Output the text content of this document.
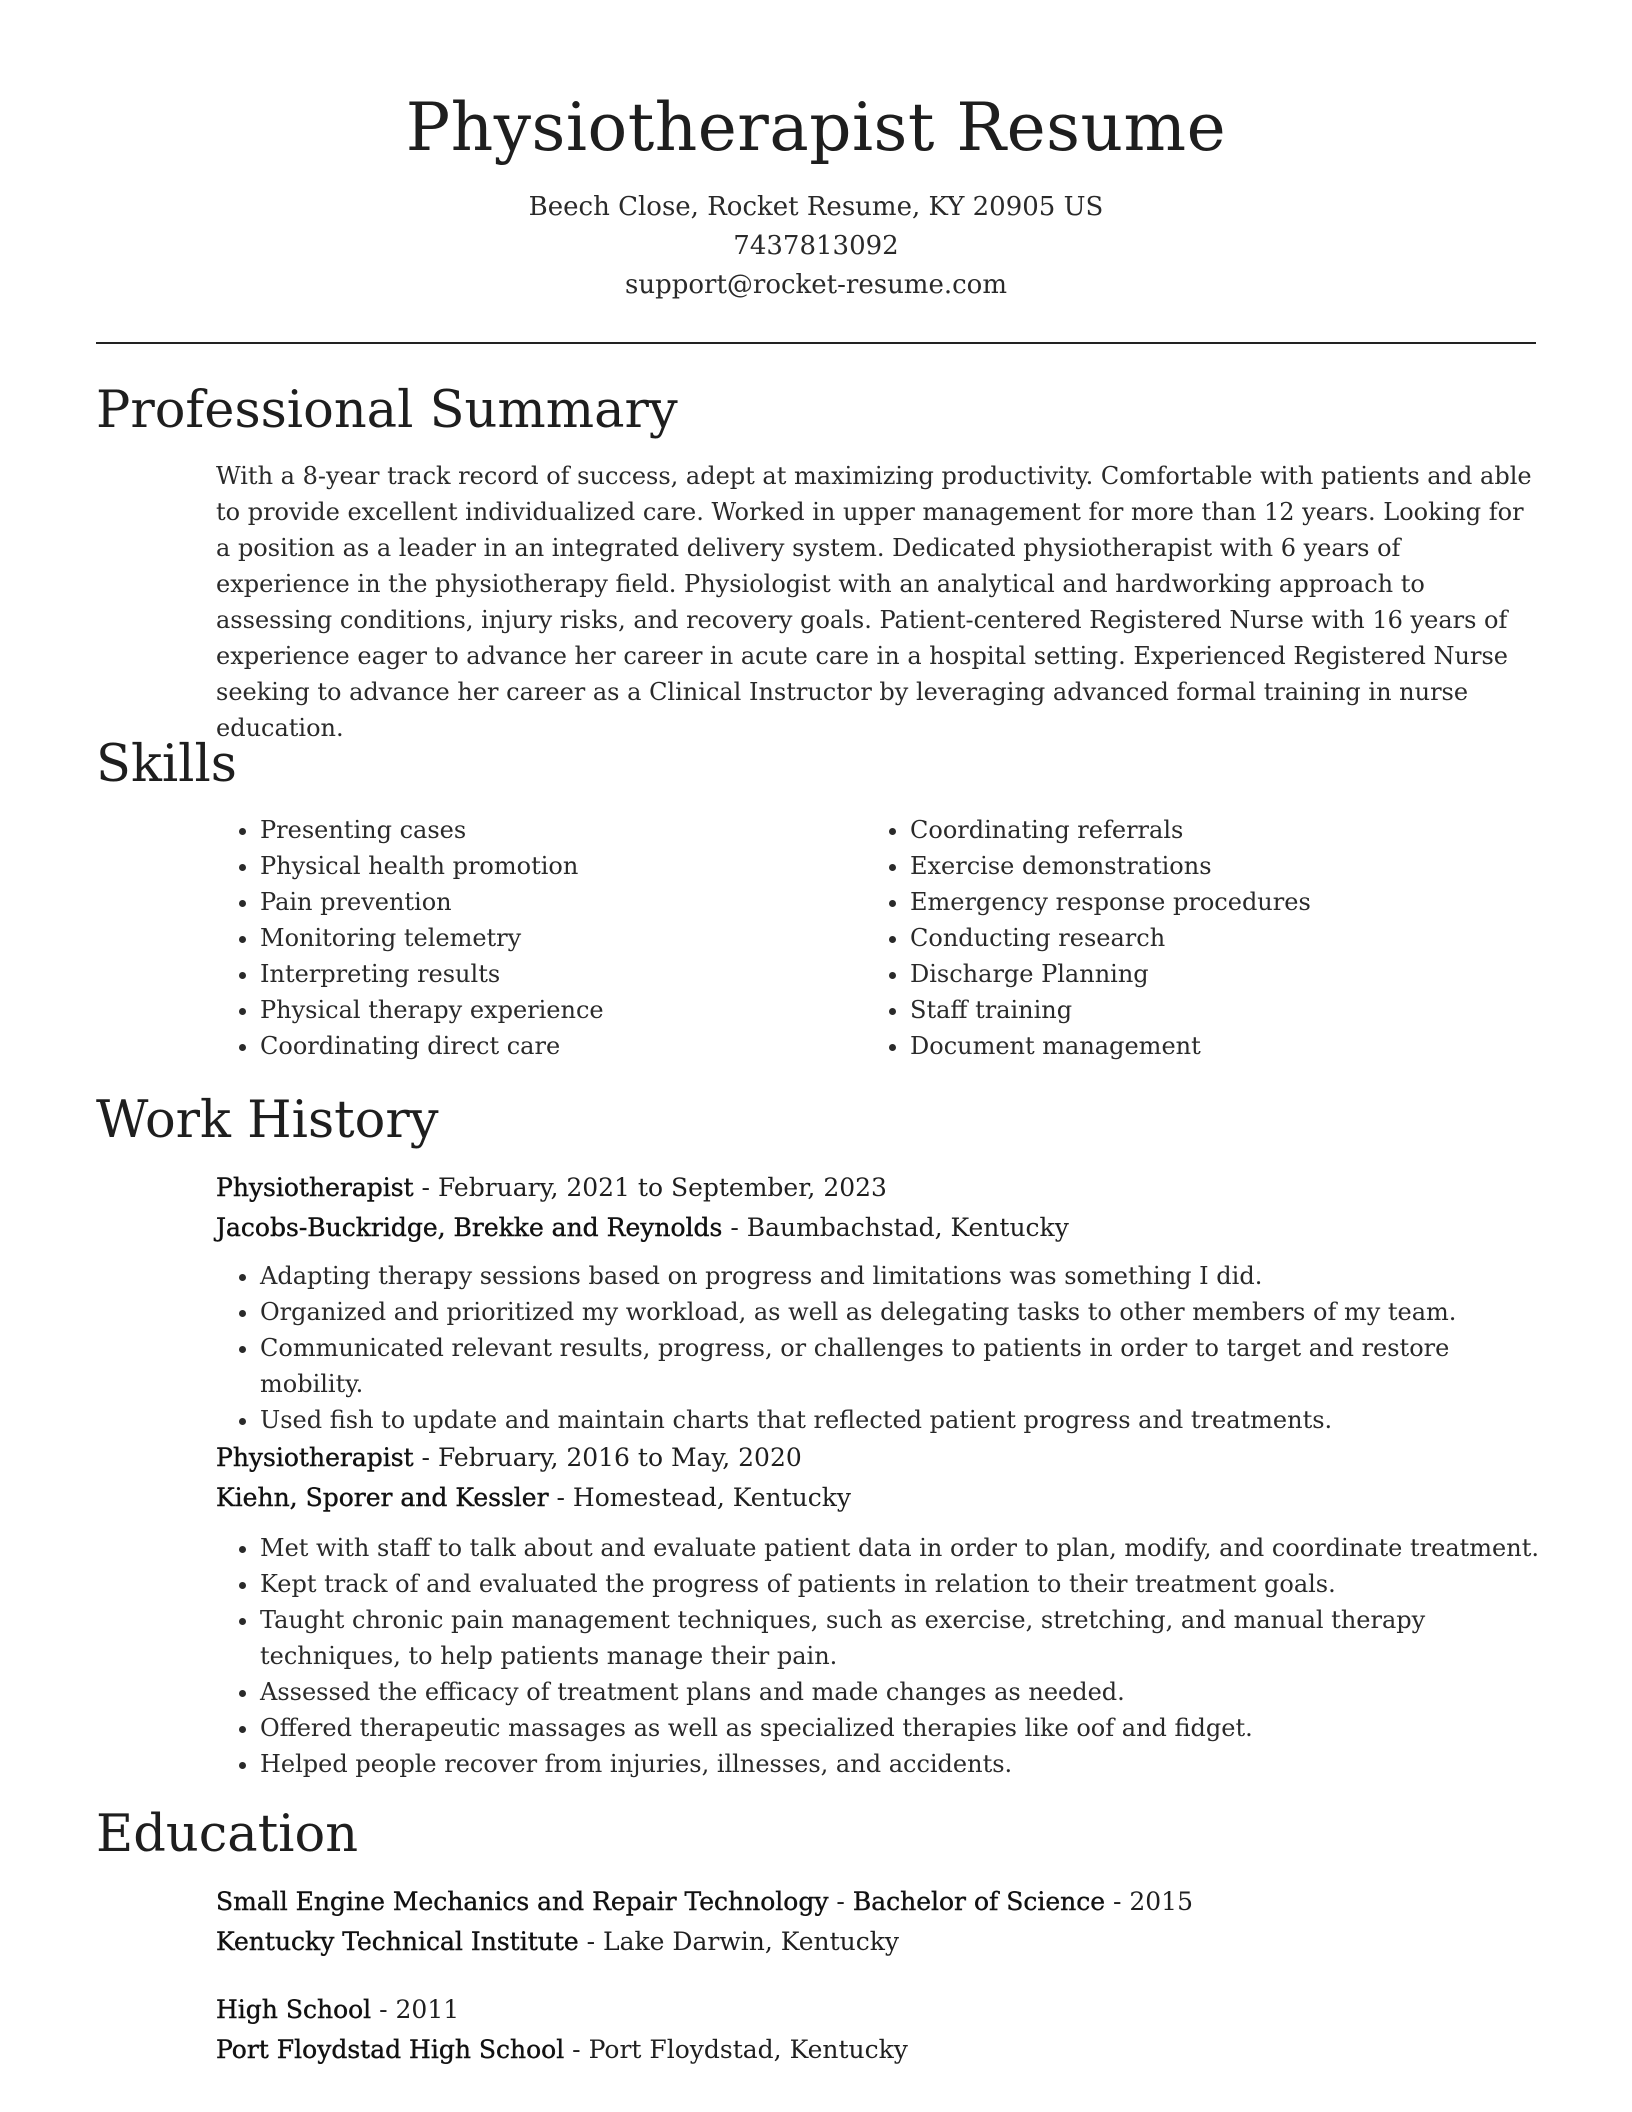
Physiotherapist Resume
Beech Close, Rocket Resume, KY 20905 US
7437813092
support@rocket-resume.com
Professional Summary

With a 8-year track record of success, adept at maximizing productivity. Comfortable with patients and able to provide excellent individualized care. Worked in upper management for more than 12 years. Looking for a position as a leader in an integrated delivery system. Dedicated physiotherapist with 6 years of experience in the physiotherapy field. Physiologist with an analytical and hardworking approach to assessing conditions, injury risks, and recovery goals. Patient-centered Registered Nurse with 16 years of experience eager to advance her career in acute care in a hospital setting. Experienced Registered Nurse seeking to advance her career as a Clinical Instructor by leveraging advanced formal training in nurse education.

Skills
• Presenting cases
• Physical health promotion
• Pain prevention
• Monitoring telemetry
• Interpreting results
• Physical therapy experience
• Coordinating direct care
• Coordinating referrals
• Exercise demonstrations
• Emergency response procedures
• Conducting research
• Discharge Planning
• Staff training
• Document management
Work History
Physiotherapist - February, 2021 to September, 2023
Jacobs-Buckridge, Brekke and Reynolds - Baumbachstad, Kentucky
• Adapting therapy sessions based on progress and limitations was something I did.
• Organized and prioritized my workload, as well as delegating tasks to other members of my team.
• Communicated relevant results, progress, or challenges to patients in order to target and restore mobility.
• Used fish to update and maintain charts that reflected patient progress and treatments.
Physiotherapist - February, 2016 to May, 2020
Kiehn, Sporer and Kessler - Homestead, Kentucky
• Met with staff to talk about and evaluate patient data in order to plan, modify, and coordinate treatment.
• Kept track of and evaluated the progress of patients in relation to their treatment goals.
• Taught chronic pain management techniques, such as exercise, stretching, and manual therapy techniques, to help patients manage their pain.
• Assessed the efficacy of treatment plans and made changes as needed.
• Offered therapeutic massages as well as specialized therapies like oof and fidget.
• Helped people recover from injuries, illnesses, and accidents.
Education
Small Engine Mechanics and Repair Technology - Bachelor of Science - 2015
Kentucky Technical Institute - Lake Darwin, Kentucky
High School - 2011
Port Floydstad High School - Port Floydstad, Kentucky
